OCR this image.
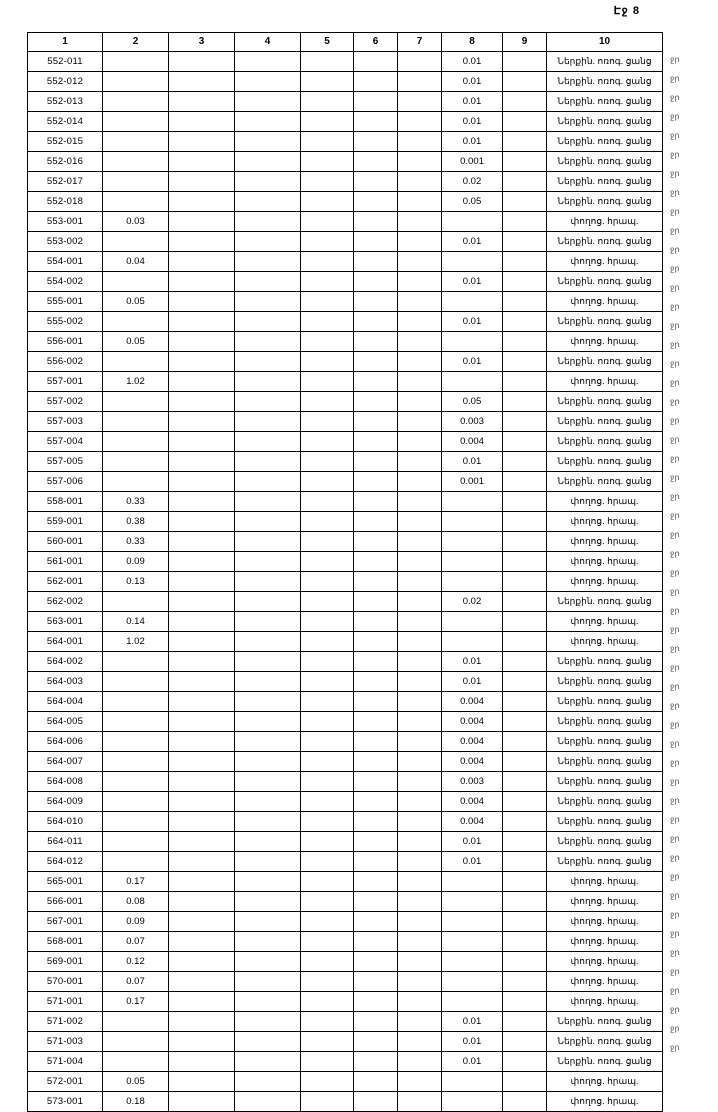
Էջ 8
1	2	3	4	5	6	7	8	9	10
552-011							0.01		Ներքին. ոռոգ. ցանց
552-012							0.01		Ներքին. ոռոգ. ցանց
552-013							0.01		Ներքին. ոռոգ. ցանց
552-014							0.01		Ներքին. ոռոգ. ցանց
552-015							0.01		Ներքին. ոռոգ. ցանց
552-016							0.001		Ներքին. ոռոգ. ցանց
552-017							0.02		Ներքին. ոռոգ. ցանց
552-018							0.05		Ներքին. ոռոգ. ցանց
553-001	0.03								փողոց. հրապ.
553-002							0.01		Ներքին. ոռոգ. ցանց
554-001	0.04								փողոց. հրապ.
554-002							0.01		Ներքին. ոռոգ. ցանց
555-001	0.05								փողոց. հրապ.
555-002							0.01		Ներքին. ոռոգ. ցանց
556-001	0.05								փողոց. հրապ.
556-002							0.01		Ներքին. ոռոգ. ցանց
557-001	1.02								փողոց. հրապ.
557-002							0.05		Ներքին. ոռոգ. ցանց
557-003							0.003		Ներքին. ոռոգ. ցանց
557-004							0.004		Ներքին. ոռոգ. ցանց
557-005							0.01		Ներքին. ոռոգ. ցանց
557-006							0.001		Ներքին. ոռոգ. ցանց
558-001	0.33								փողոց. հրապ.
559-001	0.38								փողոց. հրապ.
560-001	0.33								փողոց. հրապ.
561-001	0.09								փողոց. հրապ.
562-001	0.13								փողոց. հրապ.
562-002							0.02		Ներքին. ոռոգ. ցանց
563-001	0.14								փողոց. հրապ.
564-001	1.02								փողոց. հրապ.
564-002							0.01		Ներքին. ոռոգ. ցանց
564-003							0.01		Ներքին. ոռոգ. ցանց
564-004							0.004		Ներքին. ոռոգ. ցանց
564-005							0.004		Ներքին. ոռոգ. ցանց
564-006							0.004		Ներքին. ոռոգ. ցանց
564-007							0.004		Ներքին. ոռոգ. ցանց
564-008							0.003		Ներքին. ոռոգ. ցանց
564-009							0.004		Ներքին. ոռոգ. ցանց
564-010							0.004		Ներքին. ոռոգ. ցանց
564-011							0.01		Ներքին. ոռոգ. ցանց
564-012							0.01		Ներքին. ոռոգ. ցանց
565-001	0.17								փողոց. հրապ.
566-001	0.08								փողոց. հրապ.
567-001	0.09								փողոց. հրապ.
568-001	0.07								փողոց. հրապ.
569-001	0.12								փողոց. հրապ.
570-001	0.07								փողոց. հրապ.
571-001	0.17								փողոց. հրապ.
571-002							0.01		Ներքին. ոռոգ. ցանց
571-003							0.01		Ներքին. ոռոգ. ցանց
571-004							0.01		Ներքին. ոռոգ. ցանց
572-001	0.05								փողոց. հրապ.
573-001	0.18								փողոց. հրապ.
ջր
ջր
ջր
ջր
ջր
ջր
ջր
ջր
ջր
ջր
ջր
ջր
ջր
ջր
ջր
ջր
ջր
ջր
ջր
ջր
ջր
ջր
ջր
ջր
ջր
ջր
ջր
ջր
ջր
ջր
ջր
ջր
ջր
ջր
ջր
ջր
ջր
ջր
ջր
ջր
ջր
ջր
ջր
ջր
ջր
ջր
ջր
ջր
ջր
ջր
ջր
ջր
ջր
